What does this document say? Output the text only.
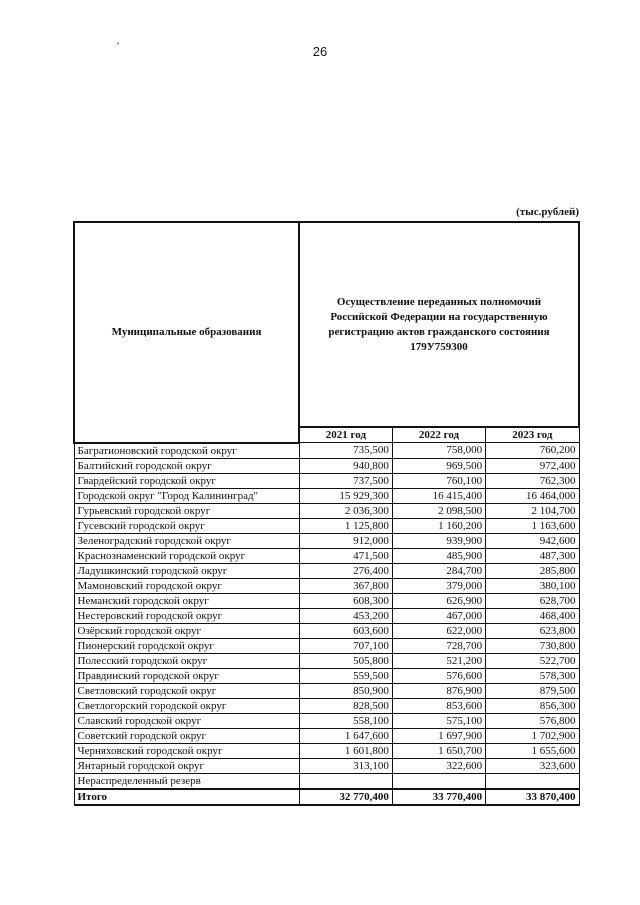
`	26
(тыс.рублей)
Муниципальные образования	Осуществление переданных полномочий Российской Федерации на государственную регистрацию актов гражданского состояния 179У759300		
	2021 год	2022 год	2023 год
Багратионовский городской округ	735,500	758,000	760,200
Балтийский городской округ	940,800	969,500	972,400
Гвардейский городской округ	737,500	760,100	762,300
Городской округ "Город Калининград"	15 929,300	16 415,400	16 464,000
Гурьевский городской округ	2 036,300	2 098,500	2 104,700
Гусевский городской округ	1 125,800	1 160,200	1 163,600
Зеленоградский городской округ	912,000	939,900	942,600
Краснознаменский городской округ	471,500	485,900	487,300
Ладушкинский городской округ	276,400	284,700	285,800
Мамоновский городской округ	367,800	379,000	380,100
Неманский городской округ	608,300	626,900	628,700
Нестеровский городской округ	453,200	467,000	468,400
Озёрский городской округ	603,600	622,000	623,800
Пионерский городской округ	707,100	728,700	730,800
Полесский городской округ	505,800	521,200	522,700
Правдинский городской округ	559,500	576,600	578,300
Светловский городской округ	850,900	876,900	879,500
Светлогорский городской округ	828,500	853,600	856,300
Славский городской округ	558,100	575,100	576,800
Советский городской округ	1 647,600	1 697,900	1 702,900
Черняховский городской округ	1 601,800	1 650,700	1 655,600
Янтарный городской округ	313,100	322,600	323,600
Нераспределенный резерв			
Итого	32 770,400	33 770,400	33 870,400
